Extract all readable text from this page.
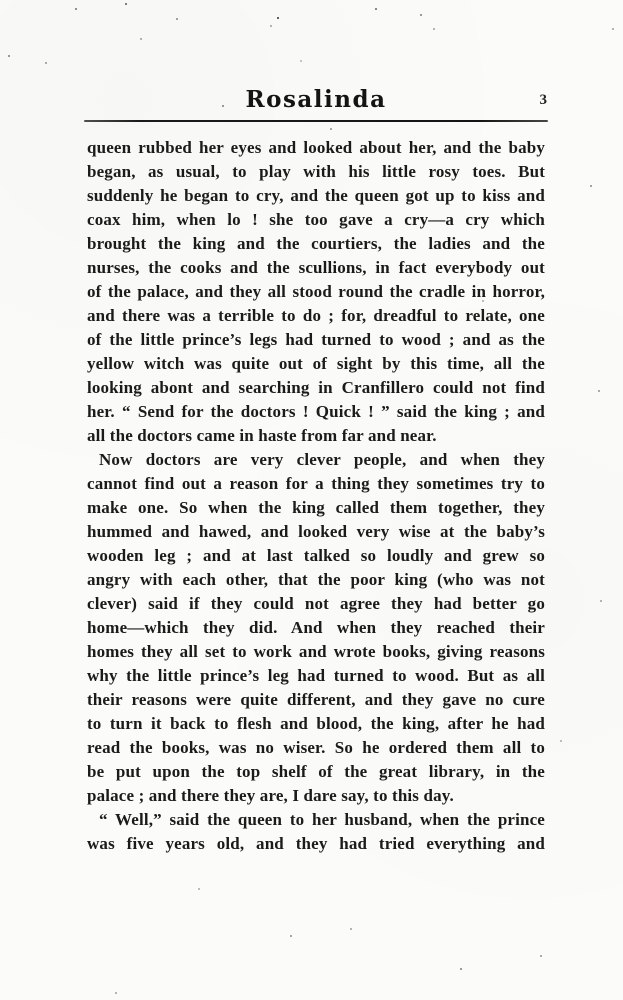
Rosalinda	3
queen rubbed her eyes and looked about her, and the baby
began, as usual, to play with his little rosy toes. But
suddenly he began to cry, and the queen got up to kiss and
coax him, when lo ! she too gave a cry—a cry which
brought the king and the courtiers, the ladies and the
nurses, the cooks and the scullions, in fact everybody out
of the palace, and they all stood round the cradle in horror,
and there was a terrible to do ; for, dreadful to relate, one
of the little prince’s legs had turned to wood ; and as the
yellow witch was quite out of sight by this time, all the
looking abont and searching in Cranfillero could not find
her. “ Send for the doctors ! Quick ! ” said the king ; and
all the doctors came in haste from far and near.
Now doctors are very clever people, and when they
cannot find out a reason for a thing they sometimes try to
make one. So when the king called them together, they
hummed and hawed, and looked very wise at the baby’s
wooden leg ; and at last talked so loudly and grew so
angry with each other, that the poor king (who was not
clever) said if they could not agree they had better go
home—which they did. And when they reached their
homes they all set to work and wrote books, giving reasons
why the little prince’s leg had turned to wood. But as all
their reasons were quite different, and they gave no cure
to turn it back to flesh and blood, the king, after he had
read the books, was no wiser. So he ordered them all to
be put upon the top shelf of the great library, in the
palace ; and there they are, I dare say, to this day.
“ Well,” said the queen to her husband, when the prince
was five years old, and they had tried everything and
